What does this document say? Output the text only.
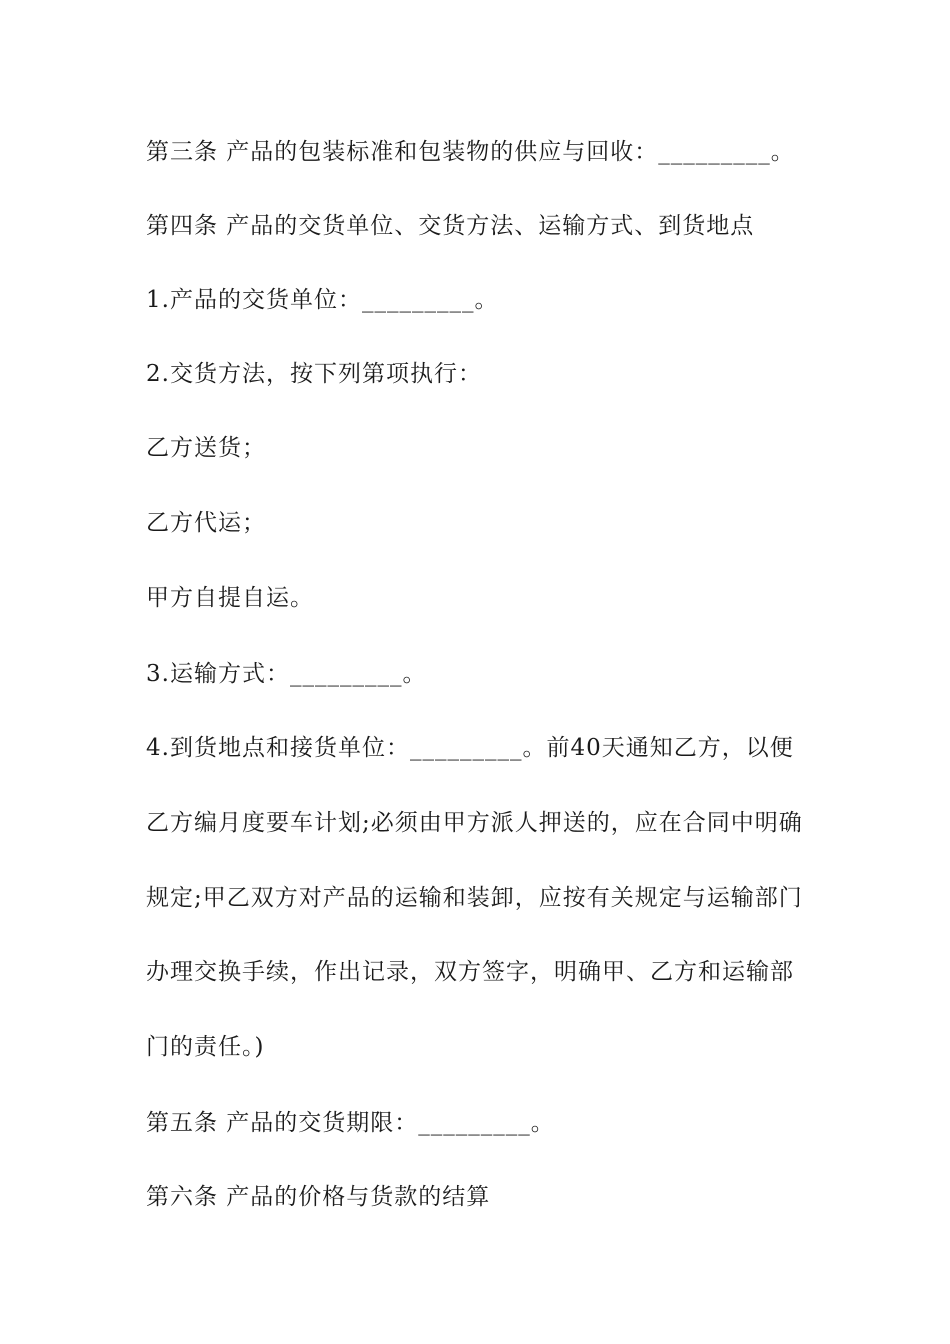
第三条 产品的包装标准和包装物的供应与回收：_________。
第四条 产品的交货单位、交货方法、运输方式、到货地点
1.产品的交货单位：_________。
2.交货方法，按下列第项执行：
乙方送货；
乙方代运；
甲方自提自运。
3.运输方式：_________。
4.到货地点和接货单位：_________。前40天通知乙方，以便
乙方编月度要车计划;必须由甲方派人押送的，应在合同中明确
规定;甲乙双方对产品的运输和装卸，应按有关规定与运输部门
办理交换手续，作出记录，双方签字，明确甲、乙方和运输部
门的责任。)
第五条 产品的交货期限：_________。
第六条 产品的价格与货款的结算
